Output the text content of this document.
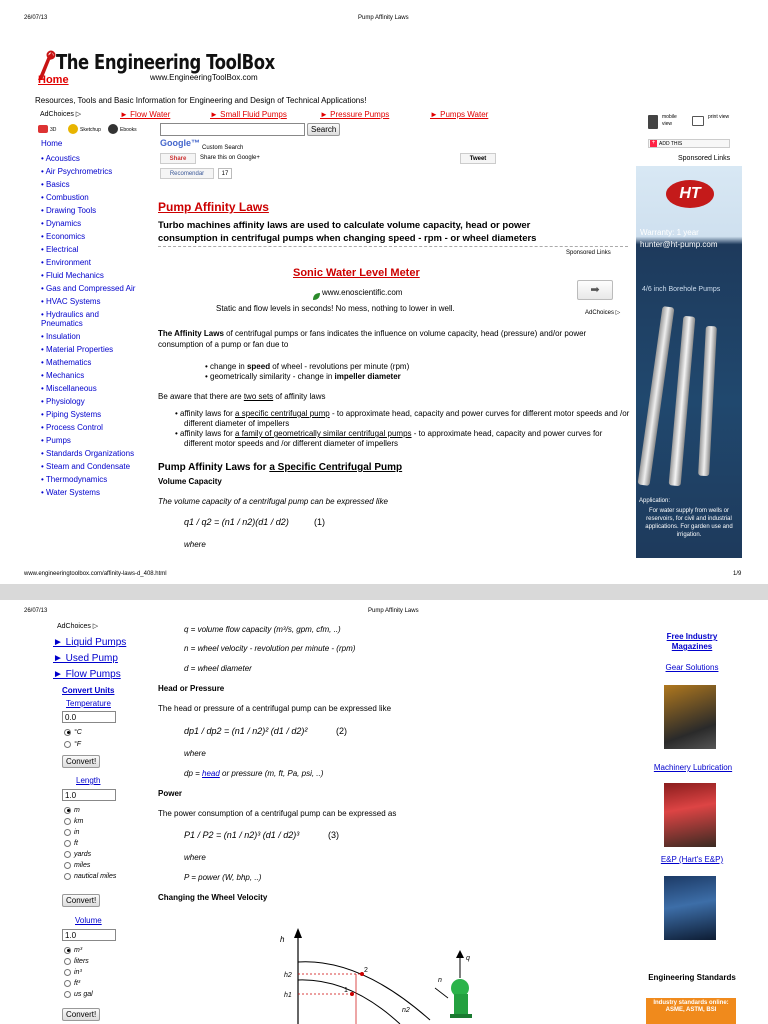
26/07/13	Pump Affinity Laws
The Engineering ToolBox
Home	www.EngineeringToolBox.com
Resources, Tools and Basic Information for Engineering and Design of Technical Applications!
AdChoices ▷	► Flow Water	► Small Fluid Pumps	► Pressure Pumps	► Pumps Water
3D	Sketchup	Ebooks
Home
• Acoustics
• Air Psychrometrics
• Basics
• Combustion
• Drawing Tools
• Dynamics
• Economics
• Electrical
• Environment
• Fluid Mechanics
• Gas and Compressed Air
• HVAC Systems
• Hydraulics and Pneumatics
• Insulation
• Material Properties
• Mathematics
• Mechanics
• Miscellaneous
• Physiology
• Piping Systems
• Process Control
• Pumps
• Standards Organizations
• Steam and Condensate
• Thermodynamics
• Water Systems
Search
Google™ Custom Search
Share	Share this on Google+	Tweet
Recomendar	17
mobile view
print view
+ $^{ADD THIS}$
Sponsored Links
HT
Warranty: 1 year
hunter@ht-pump.com
4/6 inch Borehole Pumps
Application:
For water supply from wells or reservoirs, for civil and industrial applications. For garden use and irrigation.
Pump Affinity Laws
Turbo machines affinity laws are used to calculate volume capacity, head or power consumption in centrifugal pumps when changing speed - rpm - or wheel diameters
Sponsored Links
Sonic Water Level Meter
www.enoscientific.com
Static and flow levels in seconds! No mess, nothing to lower in well.
➡
AdChoices ▷
The Affinity Laws of centrifugal pumps or fans indicates the influence on volume capacity, head (pressure) and/or power consumption of a pump or fan due to
• change in speed of wheel - revolutions per minute (rpm)
• geometrically similarity - change in impeller diameter
Be aware that there are two sets of affinity laws
• affinity laws for a specific centrifugal pump - to approximate head, capacity and power curves for different motor speeds and /or different diameter of impellers
• affinity laws for a family of geometrically similar centrifugal pumps - to approximate head, capacity and power curves for different motor speeds and /or different diameter of impellers
Pump Affinity Laws for a Specific Centrifugal Pump
Volume Capacity
The volume capacity of a centrifugal pump can be expressed like
q1 / q2 = (n1 / n2)(d1 / d2)	(1)
where
www.engineeringtoolbox.com/affinity-laws-d_408.html	1/9
26/07/13	Pump Affinity Laws
AdChoices ▷
► Liquid Pumps
► Used Pump
► Flow Pumps
Convert Units
Temperature
0.0
°C
°F
Convert!
Length
1.0
m
km
in
ft
yards
miles
nautical miles
Convert!
Volume
1.0
m³
liters
in³
ft³
us gal
Convert!
q = volume flow capacity (m³/s, gpm, cfm, ..)
n = wheel velocity - revolution per minute - (rpm)
d = wheel diameter
Head or Pressure
The head or pressure of a centrifugal pump can be expressed like
dp1 / dp2 = (n1 / n2)² (d1 / d2)²	(2)
where
dp = head or pressure (m, ft, Pa, psi, ..)
Power
The power consumption of a centrifugal pump can be expressed as
P1 / P2 = (n1 / n2)³ (d1 / d2)³	(3)
where
P = power (W, bhp, ..)
Changing the Wheel Velocity
h
h2
h1
2
1
n2
q
n
Free Industry Magazines
Gear Solutions
Machinery Lubrication
E&P (Hart's E&P)
Engineering Standards
Industry standards online: ASME, ASTM, BSI
